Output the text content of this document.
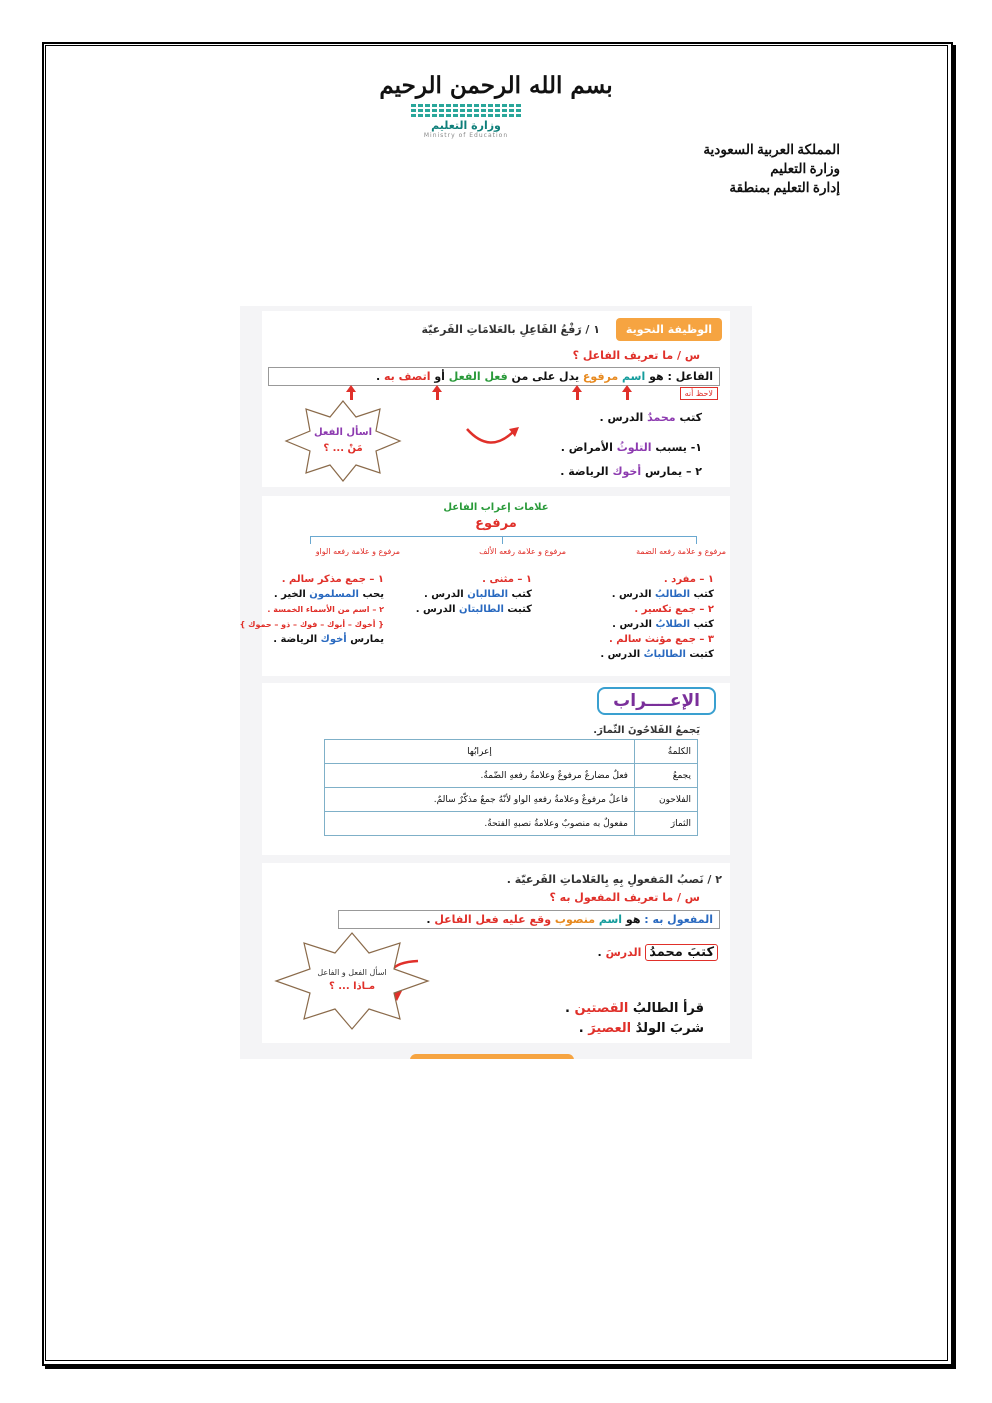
بسم الله الرحمن الرحيم
وزارة التعليم
Ministry of Education
المملكة العربية السعودية
وزارة التعليم
إدارة التعليم بمنطقة
الوظيفة النحوية
١ / رَفْعُ الفَاعِلِ بالعَلامَاتِ الفَرعيّة
س / ما تعريف الفاعل ؟
الفاعل : هو اسم مرفوع يدل على من فعل الفعل أو اتصف به .
لاحظ أنه
كتب محمدٌ الدرس .
١- يسبب التلوثُ الأمراض .
٢ – يمارس أخوك الرياضة .
اسأل الفعل
مَنْ ... ؟
علامات إعراب الفاعل
مرفوع
مرفوع و علامة رفعه الضمة
مرفوع و علامة رفعه الألف
مرفوع و علامة رفعه الواو
١ – مفرد .
كتب الطالبُ الدرس .
٢ – جمع تكسير .
كتب الطلابُ الدرس .
٣ – جمع مؤنث سالم .
كتبت الطالباتُ الدرس .
١ – مثنى .
كتب الطالبان الدرس .
كتبت الطالبتان الدرس .
١ – جمع مذكر سالم .
يحب المسلمون الخير .
٢ – اسم من الأسماء الخمسة .
{ أخوك – أبوك – فوك – ذو – حموك }
يمارس أخوك الرياضة .
الإعــــراب
يَجمعُ الفَلاحُونَ الثّمارَ.
الكلمةُ	إعرابُها
يجمعُ	فعلٌ مضارعٌ مرفوعٌ وعلامةُ رفعهِ الضّمةُ.
الفلاحون	فاعلٌ مرفوعٌ وعلامةُ رفعهِ الواو لأنّهُ جمعٌ مذكّرٌ سالمٌ.
الثمارَ	مفعولٌ به منصوبٌ وعلامةُ نصبهِ الفتحةُ.
٢ / نَصبُ المَفعولِ بِهِ بِالعَلاماتِ الفَرعيّة .
س / ما تعريف المفعول به ؟
المفعول به : هو اسم منصوب وقع عليه فعل الفاعل .
كتبَ محمدُ الدرسَ .
قرأ الطالبُ القصتين .
شربَ الولدُ العصيرَ .
اسأل الفعل و الفاعل
مـاذا ... ؟
